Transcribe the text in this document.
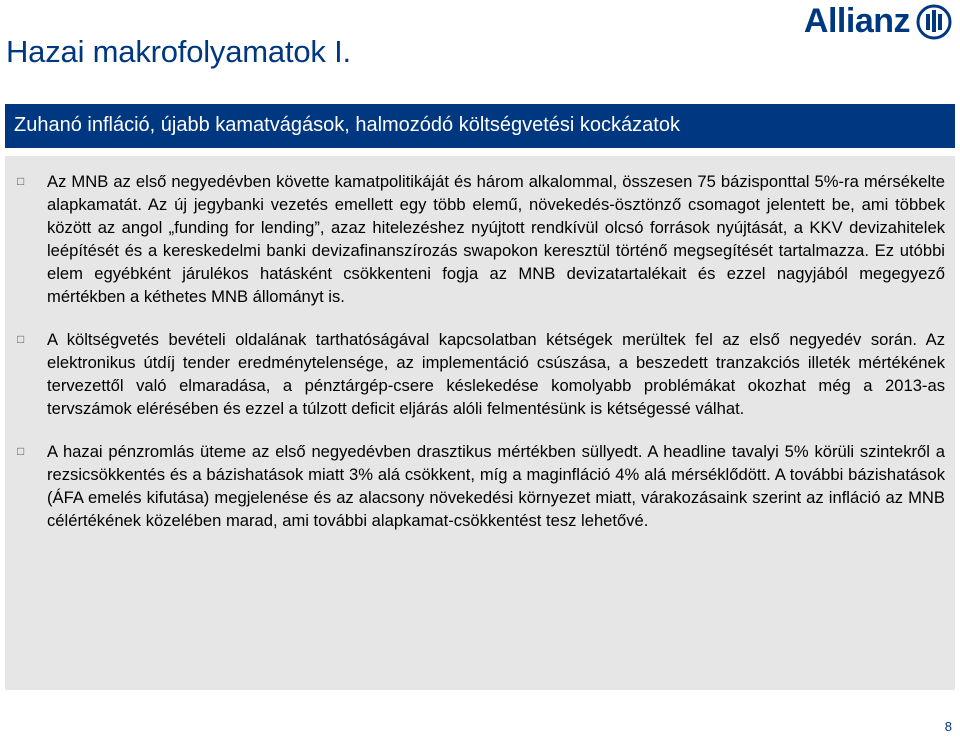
Hazai makrofolyamatok I.
Allianz
Zuhanó infláció, újabb kamatvágások, halmozódó költségvetési kockázatok
□	Az MNB az első negyedévben követte kamatpolitikáját és három alkalommal, összesen 75 bázisponttal 5%-ra mérsékelte alapkamatát. Az új jegybanki vezetés emellett egy több elemű, növekedés-ösztönző csomagot jelentett be, ami többek között az angol „funding for lending”, azaz hitelezéshez nyújtott rendkívül olcsó források nyújtását, a KKV devizahitelek leépítését és a kereskedelmi banki devizafinanszírozás swapokon keresztül történő megsegítését tartalmazza. Ez utóbbi elem egyébként járulékos hatásként csökkenteni fogja az MNB devizatartalékait és ezzel nagyjából megegyező mértékben a kéthetes MNB állományt is.
□	A költségvetés bevételi oldalának tarthatóságával kapcsolatban kétségek merültek fel az első negyedév során. Az elektronikus útdíj tender eredménytelensége, az implementáció csúszása, a beszedett tranzakciós illeték mértékének tervezettől való elmaradása, a pénztárgép-csere késlekedése komolyabb problémákat okozhat még a 2013-as tervszámok elérésében és ezzel a túlzott deficit eljárás alóli felmentésünk is kétségessé válhat.
□	A hazai pénzromlás üteme az első negyedévben drasztikus mértékben süllyedt. A headline tavalyi 5% körüli szintekről a rezsicsökkentés és a bázishatások miatt 3% alá csökkent, míg a maginfláció 4% alá mérséklődött. A további bázishatások (ÁFA emelés kifutása) megjelenése és az alacsony növekedési környezet miatt, várakozásaink szerint az infláció az MNB célértékének közelében marad, ami további alapkamat-csökkentést tesz lehetővé.
8
